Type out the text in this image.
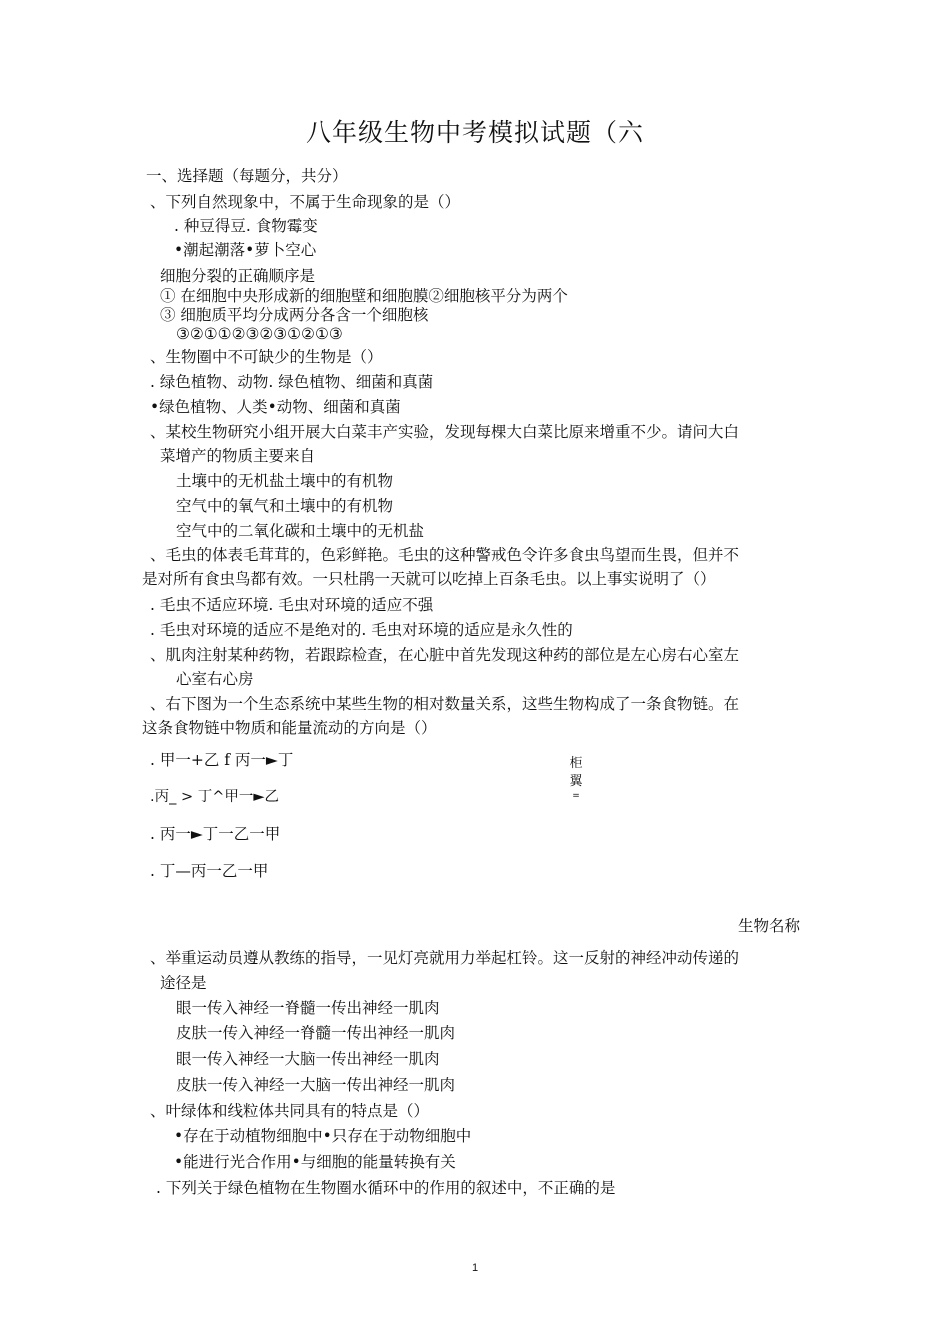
八年级生物中考模拟试题（六
一、选择题（每题分，共分）
、下列自然现象中，不属于生命现象的是（）
. 种豆得豆. 食物霉变
•潮起潮落•萝卜空心
细胞分裂的正确顺序是
① 在细胞中央形成新的细胞壁和细胞膜②细胞核平分为两个
③ 细胞质平均分成两分各含一个细胞核
③②①①②③②③①②①③
、生物圈中不可缺少的生物是（）
. 绿色植物、动物. 绿色植物、细菌和真菌
•绿色植物、人类•动物、细菌和真菌
、某校生物研究小组开展大白菜丰产实验，发现每棵大白菜比原来增重不少。请问大白
菜增产的物质主要来自
土壤中的无机盐土壤中的有机物
空气中的氧气和土壤中的有机物
空气中的二氧化碳和土壤中的无机盐
、毛虫的体表毛茸茸的，色彩鲜艳。毛虫的这种警戒色令许多食虫鸟望而生畏，但并不
是对所有食虫鸟都有效。一只杜鹃一天就可以吃掉上百条毛虫。以上事实说明了（）
. 毛虫不适应环境. 毛虫对环境的适应不强
. 毛虫对环境的适应不是绝对的. 毛虫对环境的适应是永久性的
、肌肉注射某种药物，若跟踪检查，在心脏中首先发现这种药的部位是左心房右心室左
心室右心房
、右下图为一个生态系统中某些生物的相对数量关系，这些生物构成了一条食物链。在
这条食物链中物质和能量流动的方向是（）
. 甲一+乙 f 丙一►丁
.丙_ > 丁^甲一►乙
. 丙一►丁一乙一甲
. 丁—丙一乙一甲
柜
翼
=
生物名称
、举重运动员遵从教练的指导，一见灯亮就用力举起杠铃。这一反射的神经冲动传递的
途径是
眼一传入神经一脊髓一传出神经一肌肉
皮肤一传入神经一脊髓一传出神经一肌肉
眼一传入神经一大脑一传出神经一肌肉
皮肤一传入神经一大脑一传出神经一肌肉
、叶绿体和线粒体共同具有的特点是（）
•存在于动植物细胞中•只存在于动物细胞中
•能进行光合作用•与细胞的能量转换有关
. 下列关于绿色植物在生物圈水循环中的作用的叙述中，不正确的是
1
